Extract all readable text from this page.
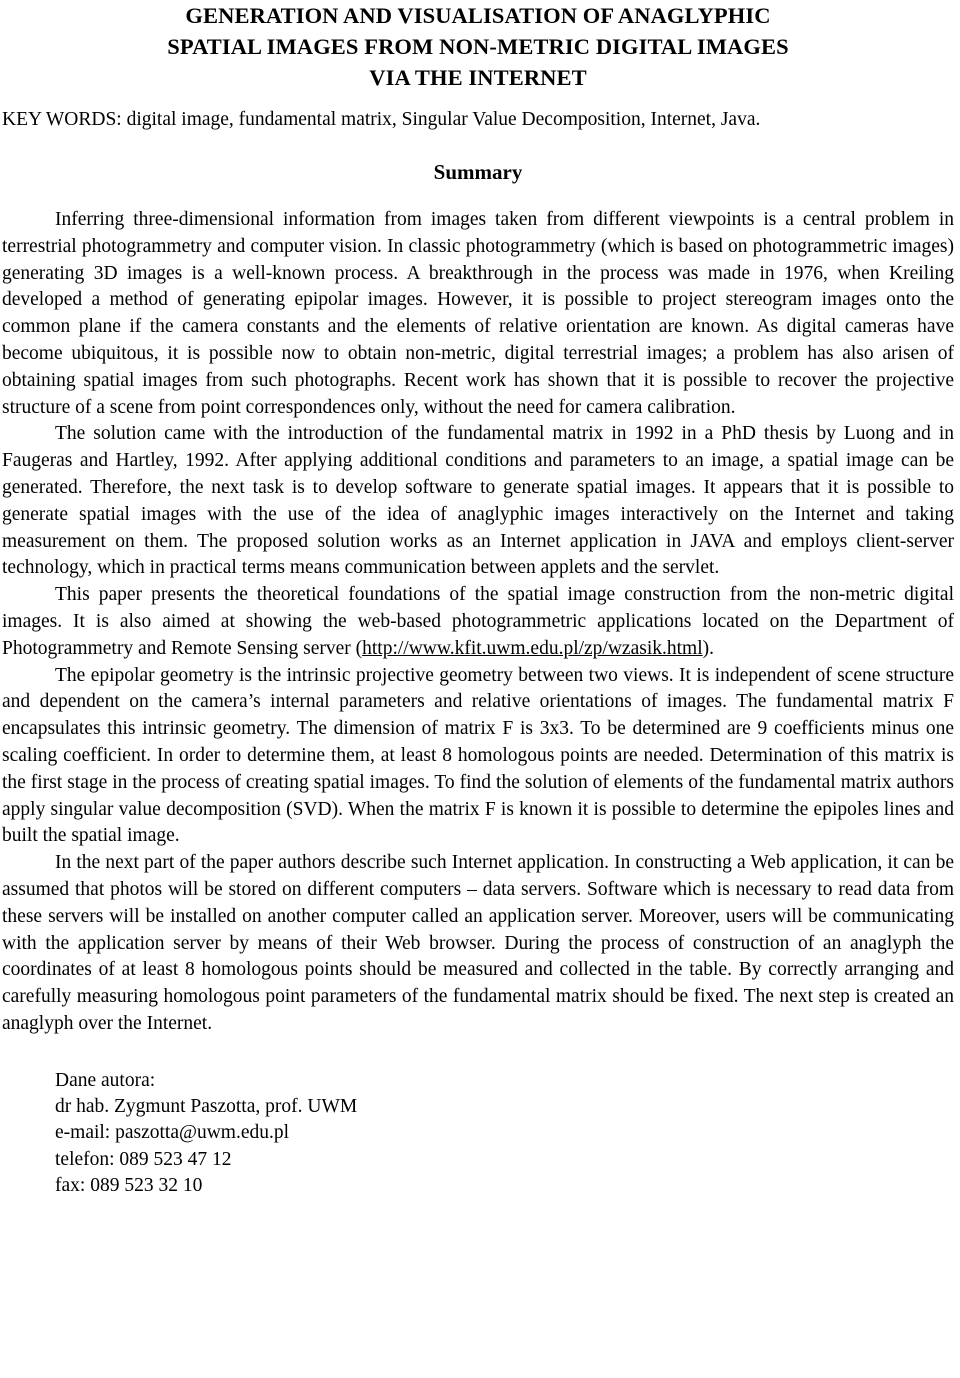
GENERATION AND VISUALISATION OF ANAGLYPHIC
SPATIAL IMAGES FROM NON-METRIC DIGITAL IMAGES
VIA THE INTERNET
KEY WORDS: digital image, fundamental matrix, Singular Value Decomposition, Internet, Java.
Summary

Inferring three-dimensional information from images taken from different viewpoints is a central problem in terrestrial photogrammetry and computer vision. In classic photogrammetry (which is based on photogrammetric images) generating 3D images is a well-known process. A breakthrough in the process was made in 1976, when Kreiling developed a method of generating epipolar images. However, it is possible to project stereogram images onto the common plane if the camera constants and the elements of relative orientation are known. As digital cameras have become ubiquitous, it is possible now to obtain non-metric, digital terrestrial images; a problem has also arisen of obtaining spatial images from such photographs. Recent work has shown that it is possible to recover the projective structure of a scene from point correspondences only, without the need for camera calibration.

The solution came with the introduction of the fundamental matrix in 1992 in a PhD thesis by Luong and in Faugeras and Hartley, 1992. After applying additional conditions and parameters to an image, a spatial image can be generated. Therefore, the next task is to develop software to generate spatial images. It appears that it is possible to generate spatial images with the use of the idea of anaglyphic images interactively on the Internet and taking measurement on them. The proposed solution works as an Internet application in JAVA and employs client-server technology, which in practical terms means communication between applets and the servlet.

This paper presents the theoretical foundations of the spatial image construction from the non-metric digital images. It is also aimed at showing the web-based photogrammetric applications located on the Department of Photogrammetry and Remote Sensing server (http://www.kfit.uwm.edu.pl/zp/wzasik.html).

The epipolar geometry is the intrinsic projective geometry between two views. It is independent of scene structure and dependent on the camera’s internal parameters and relative orientations of images. The fundamental matrix F encapsulates this intrinsic geometry. The dimension of matrix F is 3x3. To be determined are 9 coefficients minus one scaling coefficient. In order to determine them, at least 8 homologous points are needed. Determination of this matrix is the first stage in the process of creating spatial images. To find the solution of elements of the fundamental matrix authors apply singular value decomposition (SVD). When the matrix F is known it is possible to determine the epipoles lines and built the spatial image.

In the next part of the paper authors describe such Internet application. In constructing a Web application, it can be assumed that photos will be stored on different computers – data servers. Software which is necessary to read data from these servers will be installed on another computer called an application server. Moreover, users will be communicating with the application server by means of their Web browser. During the process of construction of an anaglyph the coordinates of at least 8 homologous points should be measured and collected in the table. By correctly arranging and carefully measuring homologous point parameters of the fundamental matrix should be fixed. The next step is created an anaglyph over the Internet.

Dane autora:
dr hab. Zygmunt Paszotta, prof. UWM
e-mail: paszotta@uwm.edu.pl
telefon: 089 523 47 12
fax: 089 523 32 10
